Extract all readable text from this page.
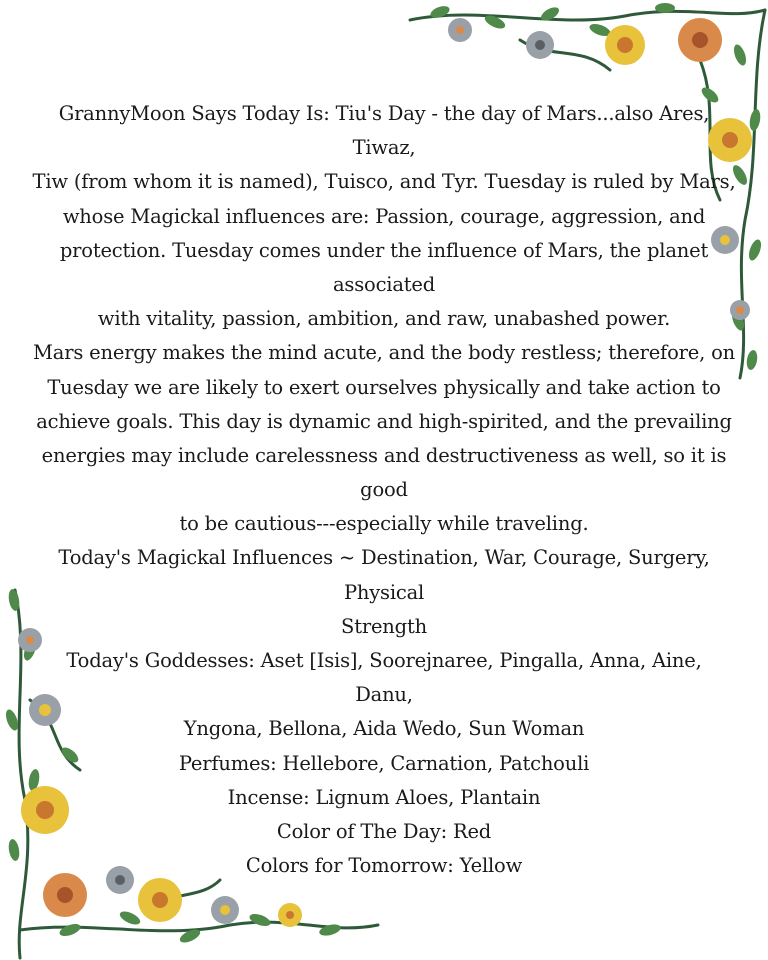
GrannyMoon Says Today Is: Tiu's Day - the day of Mars...also Ares,
Tiwaz,
Tiw (from whom it is named), Tuisco, and Tyr. Tuesday is ruled by Mars,
whose Magickal influences are: Passion, courage, aggression, and
protection. Tuesday comes under the influence of Mars, the planet
associated
with vitality, passion, ambition, and raw, unabashed power.
Mars energy makes the mind acute, and the body restless; therefore, on
Tuesday we are likely to exert ourselves physically and take action to
achieve goals. This day is dynamic and high-spirited, and the prevailing
energies may include carelessness and destructiveness as well, so it is
good
to be cautious---especially while traveling.
Today's Magickal Influences ~ Destination, War, Courage, Surgery,
Physical
Strength
Today's Goddesses: Aset [Isis], Soorejnaree, Pingalla, Anna, Aine,
Danu,
Yngona, Bellona, Aida Wedo, Sun Woman
Perfumes: Hellebore, Carnation, Patchouli
Incense: Lignum Aloes, Plantain
Color of The Day: Red
Colors for Tomorrow: Yellow
